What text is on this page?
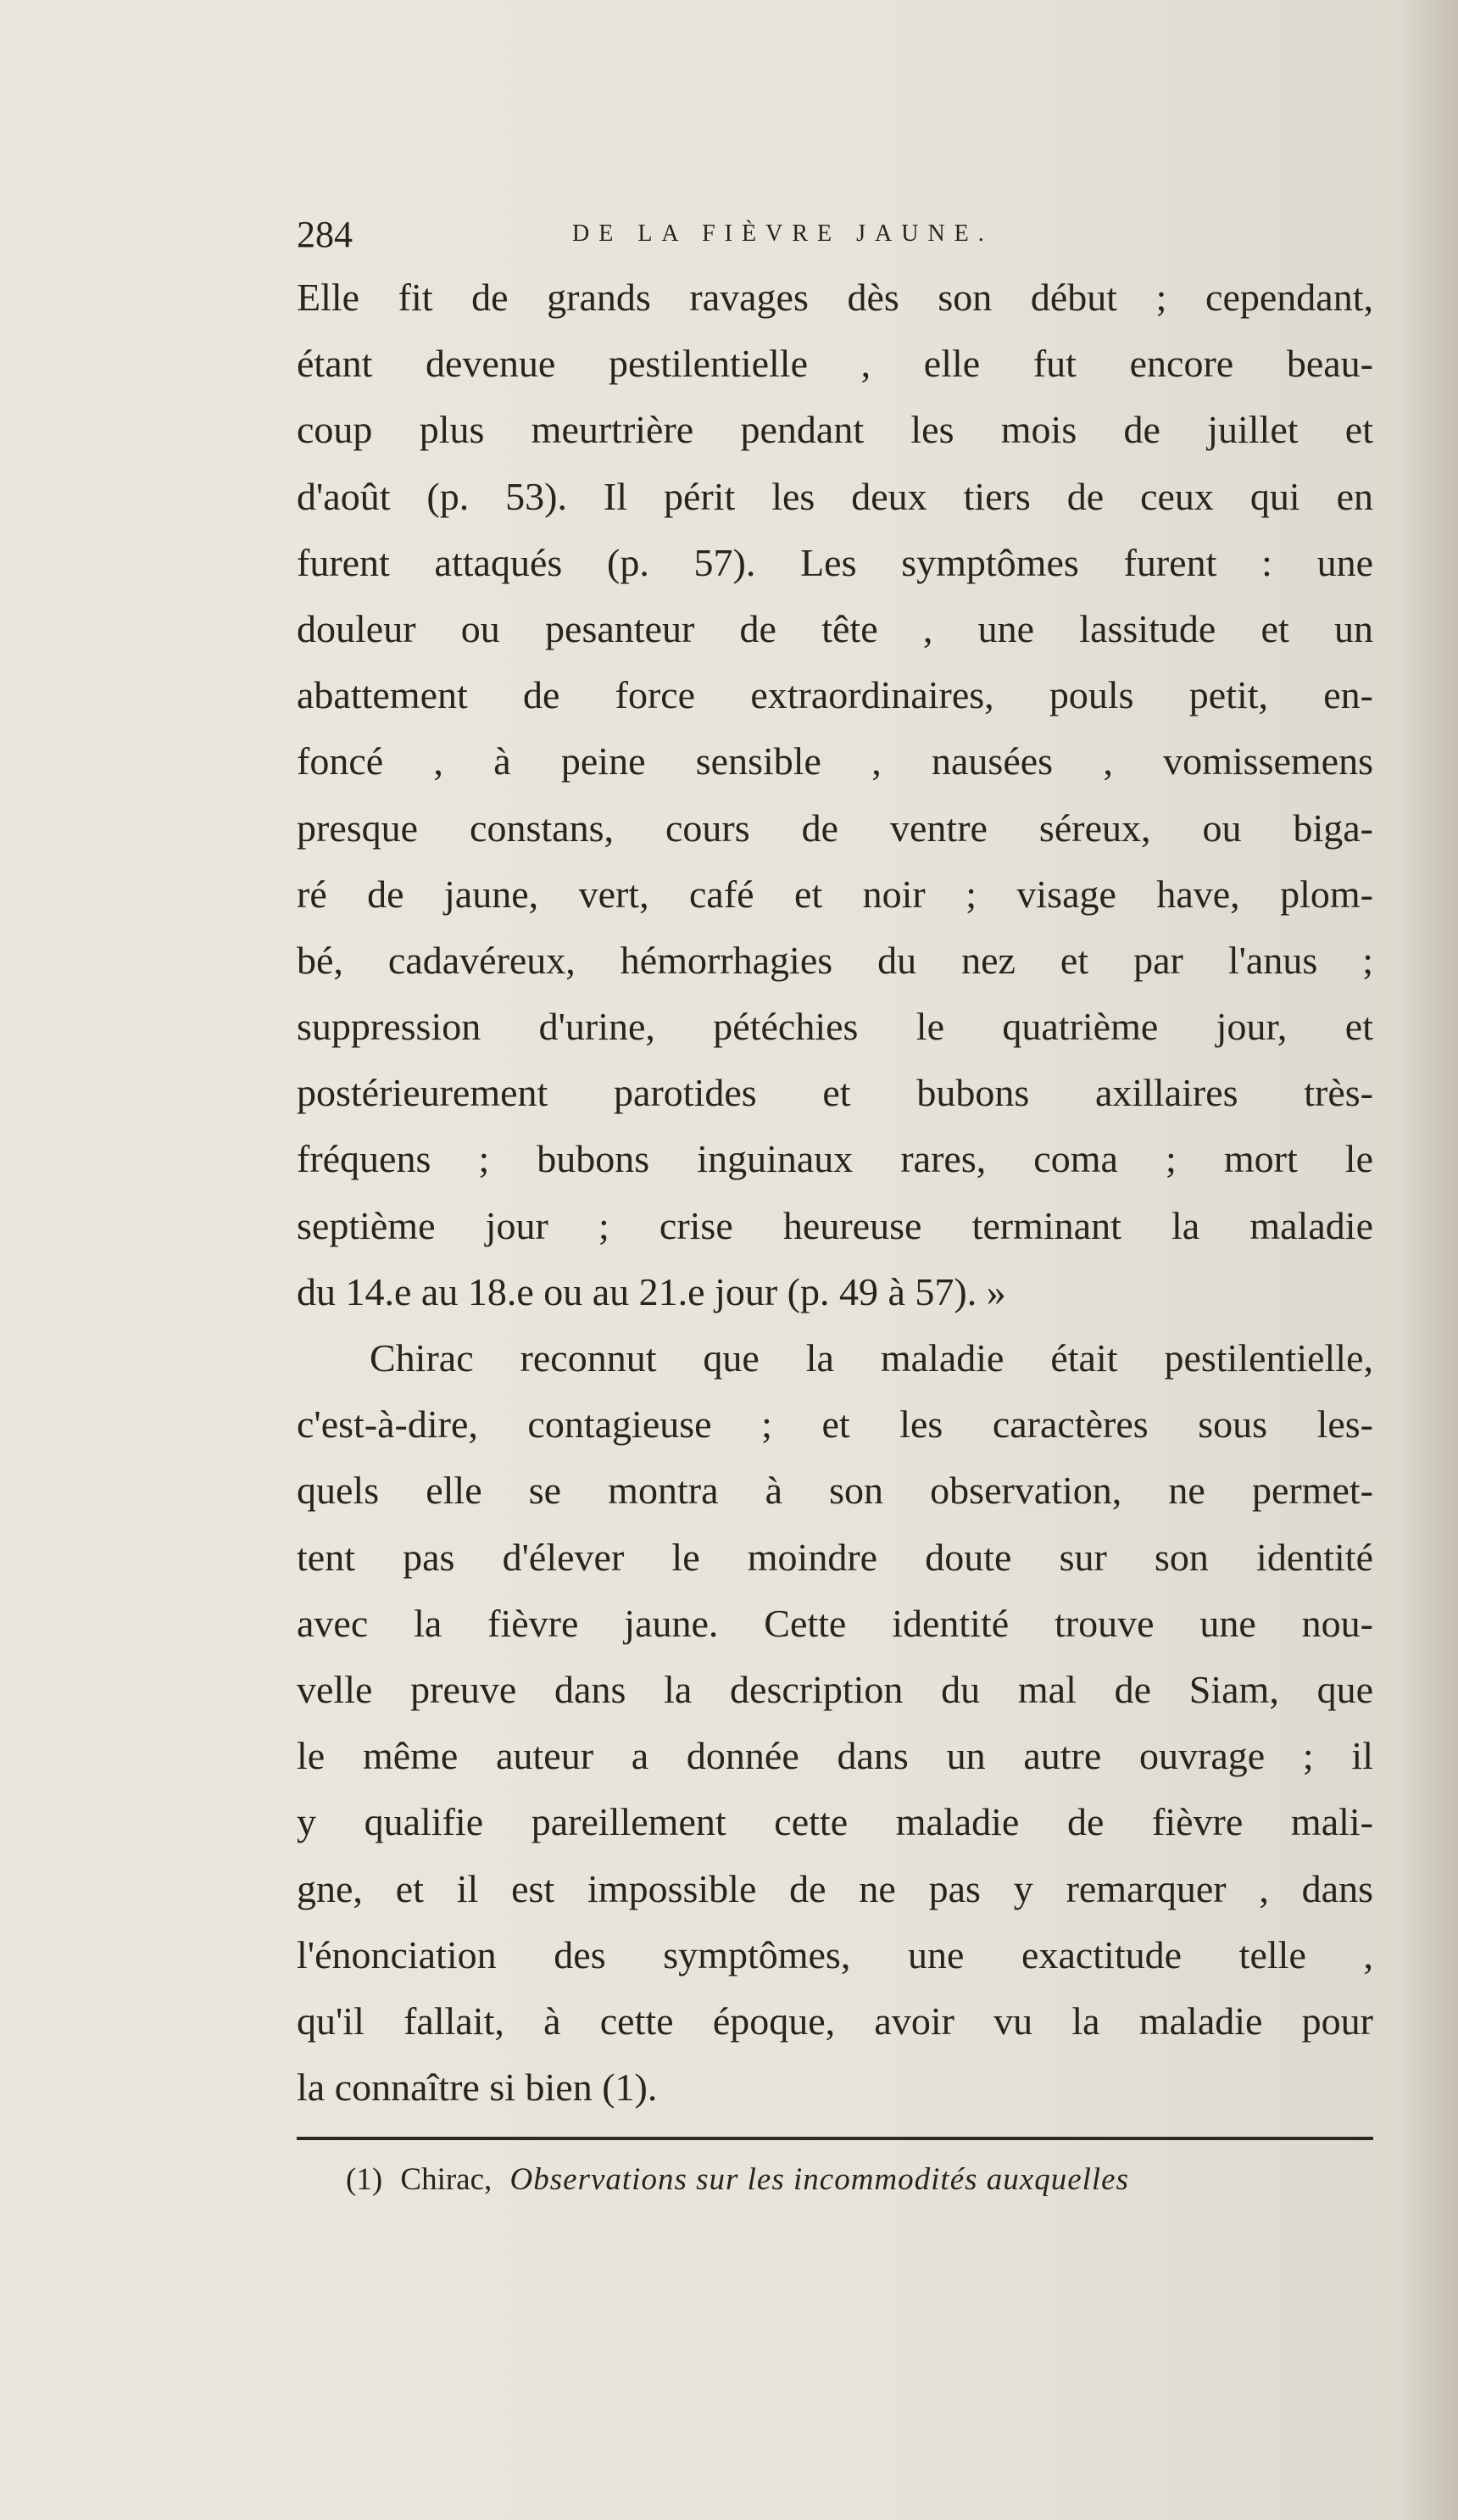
284	DE LA FIÈVRE JAUNE.
Elle fit de grands ravages dès son début ; cependant,
étant devenue pestilentielle , elle fut encore beau-
coup plus meurtrière pendant les mois de juillet et
d'août (p. 53). Il périt les deux tiers de ceux qui en
furent attaqués (p. 57). Les symptômes furent : une
douleur ou pesanteur de tête , une lassitude et un
abattement de force extraordinaires, pouls petit, en-
foncé , à peine sensible , nausées , vomissemens
presque constans, cours de ventre séreux, ou biga-
ré de jaune, vert, café et noir ; visage have, plom-
bé, cadavéreux, hémorrhagies du nez et par l'anus ;
suppression d'urine, pétéchies le quatrième jour, et
postérieurement parotides et bubons axillaires très-
fréquens ; bubons inguinaux rares, coma ; mort le
septième jour ; crise heureuse terminant la maladie
du 14.e au 18.e ou au 21.e jour (p. 49 à 57). »
Chirac reconnut que la maladie était pestilentielle,
c'est-à-dire, contagieuse ; et les caractères sous les-
quels elle se montra à son observation, ne permet-
tent pas d'élever le moindre doute sur son identité
avec la fièvre jaune. Cette identité trouve une nou-
velle preuve dans la description du mal de Siam, que
le même auteur a donnée dans un autre ouvrage ; il
y qualifie pareillement cette maladie de fièvre mali-
gne, et il est impossible de ne pas y remarquer , dans
l'énonciation des symptômes, une exactitude telle ,
qu'il fallait, à cette époque, avoir vu la maladie pour
la connaître si bien (1).
(1) Chirac, Observations sur les incommodités auxquelles
